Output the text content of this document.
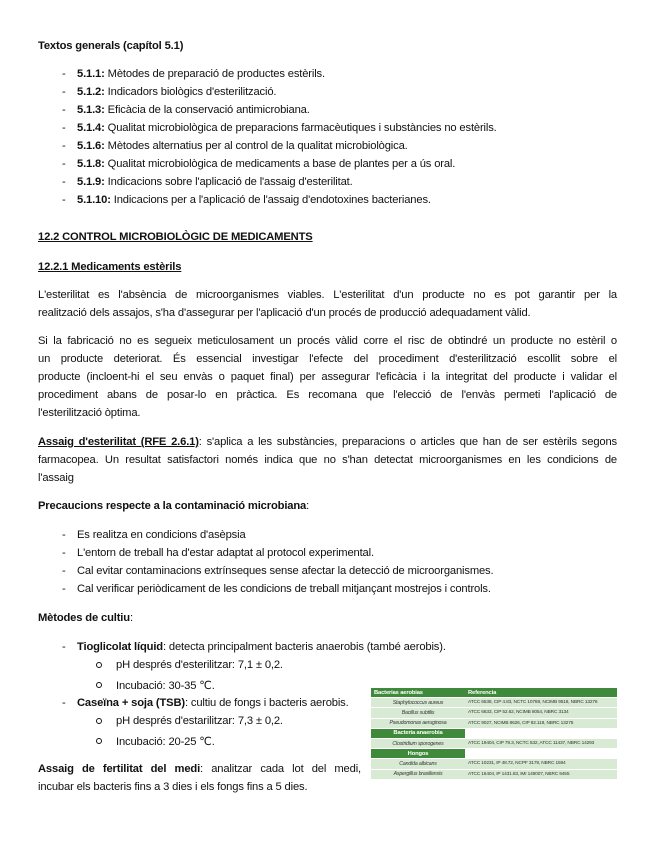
Textos generals (capítol 5.1)
- 5.1.1: Mètodes de preparació de productes estèrils.
- 5.1.2: Indicadors biològics d'esterilització.
- 5.1.3: Eficàcia de la conservació antimicrobiana.
- 5.1.4: Qualitat microbiològica de preparacions farmacèutiques i substàncies no estèrils.
- 5.1.6: Mètodes alternatius per al control de la qualitat microbiològica.
- 5.1.8: Qualitat microbiològica de medicaments a base de plantes per a ús oral.
- 5.1.9: Indicacions sobre l'aplicació de l'assaig d'esterilitat.
- 5.1.10: Indicacions per a l'aplicació de l'assaig d'endotoxines bacterianes.
12.2 CONTROL MICROBIOLÒGIC DE MEDICAMENTS
12.2.1 Medicaments estèrils
L'esterilitat es l'absència de microorganismes viables. L'esterilitat d'un producte no es pot garantir per la
realització dels assajos, s'ha d'assegurar per l'aplicació d'un procés de producció adequadament vàlid.
Si la fabricació no es segueix meticulosament un procés vàlid corre el risc de obtindré un producte no estèril o
un producte deteriorat. És essencial investigar l'efecte del procediment d'esterilització escollit sobre el
producte (incloent-hi el seu envàs o paquet final) per assegurar l'eficàcia i la integritat del producte i validar el
procediment abans de posar-lo en pràctica. Es recomana que l'elecció de l'envàs permeti l'aplicació de
l'esterilització òptima.
Assaig d'esterilitat (RFE 2.6.1): s'aplica a les substàncies, preparacions o articles que han de ser estèrils segons
farmacopea. Un resultat satisfactori només indica que no s'han detectat microorganismes en les condicions de
l'assaig
Precaucions respecte a la contaminació microbiana:
- Es realitza en condicions d'asèpsia
- L'entorn de treball ha d'estar adaptat al protocol experimental.
- Cal evitar contaminacions extrínseques sense afectar la detecció de microorganismes.
- Cal verificar periòdicament de les condicions de treball mitjançant mostrejos i controls.
Mètodes de cultiu:
- Tioglicolat líquid: detecta principalment bacteris anaerobis (també aerobis).
pH després d'esterilitzar: 7,1 ± 0,2.
Incubació: 30-35 ℃.
- Caseïna + soja (TSB): cultiu de fongs i bacteris aerobis.
pH després d'estarilitzar: 7,3 ± 0,2.
Incubació: 20-25 ℃.
Assaig de fertilitat del medi: analitzar cada lot del medi,
incubar els bacteris fins a 3 dies i els fongs fins a 5 dies.
Bacterias aerobias	Referencia
Staphylococcus aureus	ATCC 6538, CIP 4.83, NCTC 10788, NCIMB 9518, NBRC 13276
Bacillus subtilis	ATCC 6633, CIP 52.62, NCIMB 8054, NBRC 3134
Pseudomonas aeruginosa	ATCC 9027, NCIMB 8626, CIP 82.118, NBRC 13275
Bacteria anaerobia	
Clostridium sporogenes	ATCC 19404, CIP 79.3, NCTC 532, ATCC 11437, NBRC 14293
Hongos	
Candida albicans	ATCC 10231, IP 48.72, NCPF 3179, NBRC 1594
Aspergillus brasiliensis	ATCC 16404, IP 1431.83, IMI 149007, NBRC 9455
